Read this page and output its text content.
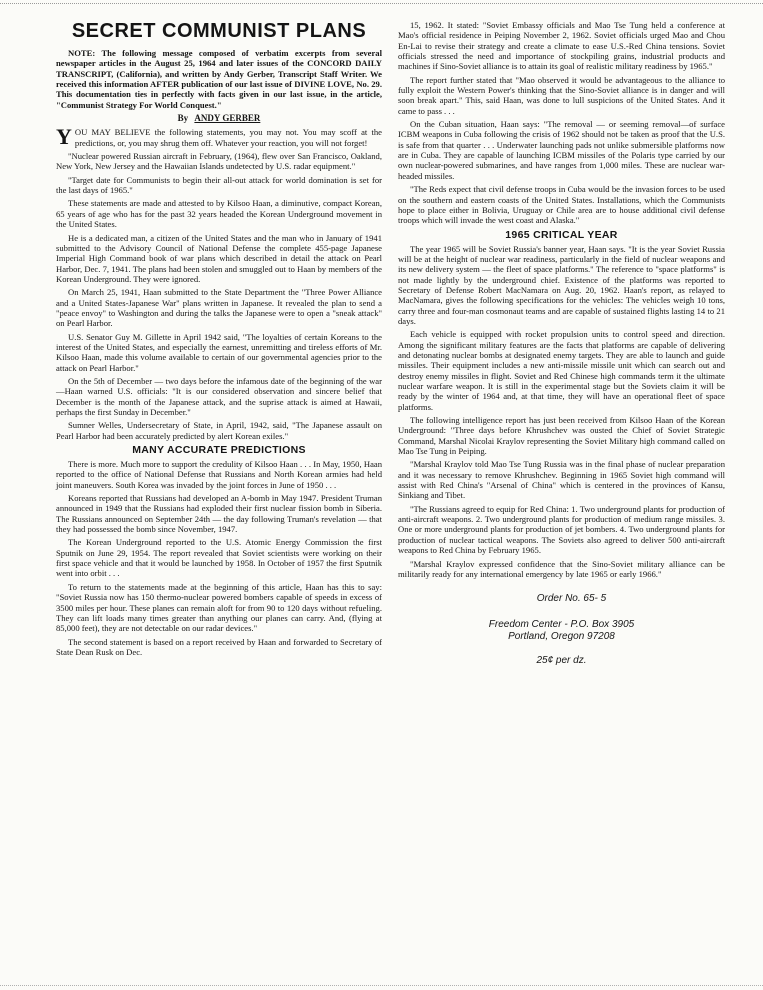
SECRET COMMUNIST PLANS

NOTE: The following message composed of verbatim excerpts from several newspaper articles in the August 25, 1964 and later issues of the CONCORD DAILY TRANSCRIPT, (California), and written by Andy Gerber, Transcript Staff Writer. We received this information AFTER publication of our last issue of DIVINE LOVE, No. 29. This documentation ties in perfectly with facts given in our last issue, in the article, "Communist Strategy For World Conquest."

By ANDY GERBER

YOU MAY BELIEVE the following statements, you may not. You may scoff at the predictions, or, you may shrug them off. Whatever your reaction, you will not forget!

"Nuclear powered Russian aircraft in February, (1964), flew over San Francisco, Oakland, New York, New Jersey and the Hawaiian Islands undetected by U.S. radar equipment."

"Target date for Communists to begin their all-out attack for world domination is set for the last days of 1965."

These statements are made and attested to by Kilsoo Haan, a diminutive, compact Korean, 65 years of age who has for the past 32 years headed the Korean Underground movement in the United States.

He is a dedicated man, a citizen of the United States and the man who in January of 1941 submitted to the Advisory Council of National Defense the complete 455-page Japanese Imperial High Command book of war plans which described in detail the attack on Pearl Harbor, Dec. 7, 1941. The plans had been stolen and smuggled out to Haan by members of the Korean Underground. They were ignored.

On March 25, 1941, Haan submitted to the State Department the "Three Power Alliance and a United States-Japanese War" plans written in Japanese. It revealed the plan to send a "peace envoy" to Washington and during the talks the Japanese were to open a "sneak attack" on Pearl Harbor.

U.S. Senator Guy M. Gillette in April 1942 said, "The loyalties of certain Koreans to the interest of the United States, and especially the earnest, unremitting and tireless efforts of Mr. Kilsoo Haan, made this volume available to certain of our governmental agencies prior to the attack on Pearl Harbor."

On the 5th of December — two days before the infamous date of the beginning of the war—Haan warned U.S. officials: "It is our considered observation and sincere belief that December is the month of the Japanese attack, and the suprise attack is aimed at Hawaii, perhaps the first Sunday in December."

Sumner Welles, Undersecretary of State, in April, 1942, said, "The Japanese assault on Pearl Harbor had been accurately predicted by alert Korean exiles."

MANY ACCURATE PREDICTIONS

There is more. Much more to support the credulity of Kilsoo Haan . . . In May, 1950, Haan reported to the office of National Defense that Russians and North Korean armies had held joint maneuvers. South Korea was invaded by the joint forces in June of 1950 . . .

Koreans reported that Russians had developed an A-bomb in May 1947. President Truman announced in 1949 that the Russians had exploded their first nuclear fission bomb in Siberia. The Russians announced on September 24th — the day following Truman's revelation — that they had possessed the bomb since November, 1947.

The Korean Underground reported to the U.S. Atomic Energy Commission the first Sputnik on June 29, 1954. The report revealed that Soviet scientists were working on their first space vehicle and that it would be launched by 1958. In October of 1957 the first Sputnik went into orbit . . .

To return to the statements made at the beginning of this article, Haan has this to say: "Soviet Russia now has 150 thermo-nuclear powered bombers capable of speeds in excess of 3500 miles per hour. These planes can remain aloft for from 90 to 120 days without refueling. They can lift loads many times greater than anything our planes can carry. And, (flying at 85,000 feet), they are not detectable on our radar devices."

The second statement is based on a report received by Haan and forwarded to Secretary of State Dean Rusk on Dec.

15, 1962. It stated: "Soviet Embassy officials and Mao Tse Tung held a conference at Mao's official residence in Peiping November 2, 1962. Soviet officials urged Mao and Chou En-Lai to revise their strategy and create a climate to ease U.S.-Red China tensions. Soviet officials stressed the need and importance of stockpiling grains, industrial products and machines if Sino-Soviet alliance is to attain its goal of realistic military readiness by 1965."

The report further stated that "Mao observed it would be advantageous to the alliance to fully exploit the Western Power's thinking that the Sino-Soviet alliance is in danger and will soon break apart." This, said Haan, was done to lull suspicions of the United States. And it came to pass . . .

On the Cuban situation, Haan says: "The removal — or seeming removal—of surface ICBM weapons in Cuba following the crisis of 1962 should not be taken as proof that the U.S. is safe from that quarter . . . Underwater launching pads not unlike submersible platforms now are in Cuba. They are capable of launching ICBM missiles of the Polaris type carried by our own nuclear-powered submarines, and have ranges from 1,000 miles. These are nuclear war-headed missiles.

"The Reds expect that civil defense troops in Cuba would be the invasion forces to be used on the southern and eastern coasts of the United States. Installations, which the Communists hope to place either in Bolivia, Uruguay or Chile area are to house additional civil defense troops which will invade the west coast and Alaska."

1965 CRITICAL YEAR

The year 1965 will be Soviet Russia's banner year, Haan says. "It is the year Soviet Russia will be at the height of nuclear war readiness, particularly in the field of nuclear weapons and its new delivery system — the fleet of space platforms." The reference to "space platforms" is not made lightly by the underground chief. Existence of the platforms was reported to Secretary of Defense Robert MacNamara on Aug. 20, 1962. Haan's report, as relayed to MacNamara, gives the following specifications for the vehicles: The vehicles weigh 10 tons, carry three and four-man cosmonaut teams and are capable of sustained flights lasting 14 to 21 days.

Each vehicle is equipped with rocket propulsion units to control speed and direction. Among the significant military features are the facts that platforms are capable of delivering and detonating nuclear bombs at designated enemy targets. They are able to launch and guide missiles. Their equipment includes a new anti-missile missile unit which can search out and destroy enemy missiles in flight. Soviet and Red Chinese high commands term it the ultimate nuclear warfare weapon. It is still in the experimental stage but the Soviets claim it will be ready by the winter of 1964 and, at that time, they will have an operational fleet of space platforms.

The following intelligence report has just been received from Kilsoo Haan of the Korean Underground: "Three days before Khrushchev was ousted the Chief of Soviet Strategic Command, Marshal Nicolai Kraylov representing the Soviet Military high command called on Mao Tse Tung in Peiping.

"Marshal Kraylov told Mao Tse Tung Russia was in the final phase of nuclear preparation and it was necessary to remove Khrushchev. Beginning in 1965 Soviet high command will assist with Red China's "Arsenal of China" which is centered in the provinces of Kansu, Sinkiang and Tibet.

"The Russians agreed to equip for Red China: 1. Two underground plants for production of anti-aircraft weapons. 2. Two underground plants for production of medium range missiles. 3. One or more underground plants for production of jet bombers. 4. Two underground plants for production of nuclear tactical weapons. The Soviets also agreed to deliver 500 anti-aircraft weapons to Red China by February 1965.

"Marshal Kraylov expressed confidence that the Sino-Soviet military alliance can be militarily ready for any international emergency by late 1965 or early 1966."

Order No. 65- 5
Freedom Center - P.O. Box 3905
Portland, Oregon 97208
25¢ per dz.
